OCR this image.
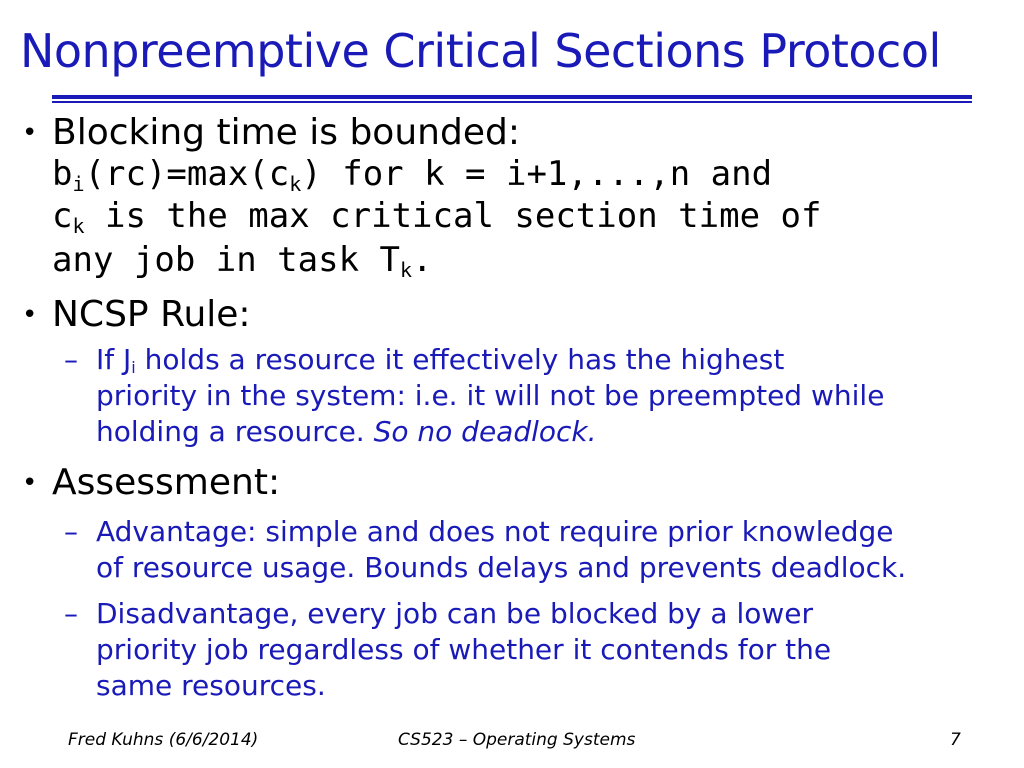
Nonpreemptive Critical Sections Protocol
• Blocking time is bounded:
$b_i(rc)=\max(c_k)$ for k = i+1,...,n and
$c_k$ is the max critical section time of
any job in task $T_k$.
• NCSP Rule:
– If $J_i$ holds a resource it effectively has the highest
priority in the system: i.e. it will not be preempted while
holding a resource. So no deadlock.
• Assessment:
– Advantage: simple and does not require prior knowledge
of resource usage. Bounds delays and prevents deadlock.
– Disadvantage, every job can be blocked by a lower
priority job regardless of whether it contends for the
same resources.
Fred Kuhns (6/6/2014)	CS523 – Operating Systems	7
